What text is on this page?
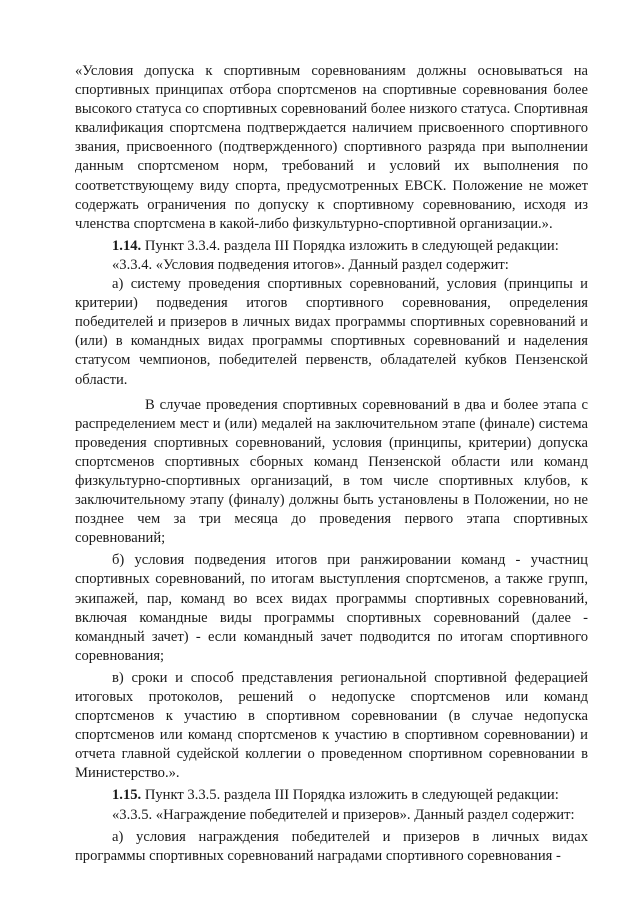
«Условия допуска к спортивным соревнованиям должны основываться на спортивных принципах отбора спортсменов на спортивные соревнования более высокого статуса со спортивных соревнований более низкого статуса. Спортивная квалификация спортсмена подтверждается наличием присвоенного спортивного звания, присвоенного (подтвержденного) спортивного разряда при выполнении данным спортсменом норм, требований и условий их выполнения по соответствующему виду спорта, предусмотренных ЕВСК. Положение не может содержать ограничения по допуску к спортивному соревнованию, исходя из членства спортсмена в какой-либо физкультурно-спортивной организации.».

1.14. Пункт 3.3.4. раздела III Порядка изложить в следующей редакции:

«3.3.4. «Условия подведения итогов». Данный раздел содержит:

а) систему проведения спортивных соревнований, условия (принципы и критерии) подведения итогов спортивного соревнования, определения победителей и призеров в личных видах программы спортивных соревнований и (или) в командных видах программы спортивных соревнований и наделения статусом чемпионов, победителей первенств, обладателей кубков Пензенской области.

В случае проведения спортивных соревнований в два и более этапа с распределением мест и (или) медалей на заключительном этапе (финале) система проведения спортивных соревнований, условия (принципы, критерии) допуска спортсменов спортивных сборных команд Пензенской области или команд физкультурно-спортивных организаций, в том числе спортивных клубов, к заключительному этапу (финалу) должны быть установлены в Положении, но не позднее чем за три месяца до проведения первого этапа спортивных соревнований;

б) условия подведения итогов при ранжировании команд - участниц спортивных соревнований, по итогам выступления спортсменов, а также групп, экипажей, пар, команд во всех видах программы спортивных соревнований, включая командные виды программы спортивных соревнований (далее - командный зачет) - если командный зачет подводится по итогам спортивного соревнования;

в) сроки и способ представления региональной спортивной федерацией итоговых протоколов, решений о недопуске спортсменов или команд спортсменов к участию в спортивном соревновании (в случае недопуска спортсменов или команд спортсменов к участию в спортивном соревновании) и отчета главной судейской коллегии о проведенном спортивном соревновании в Министерство.».

1.15. Пункт 3.3.5. раздела III Порядка изложить в следующей редакции:

«3.3.5. «Награждение победителей и призеров». Данный раздел содержит:

а) условия награждения победителей и призеров в личных видах программы спортивных соревнований наградами спортивного соревнования -
